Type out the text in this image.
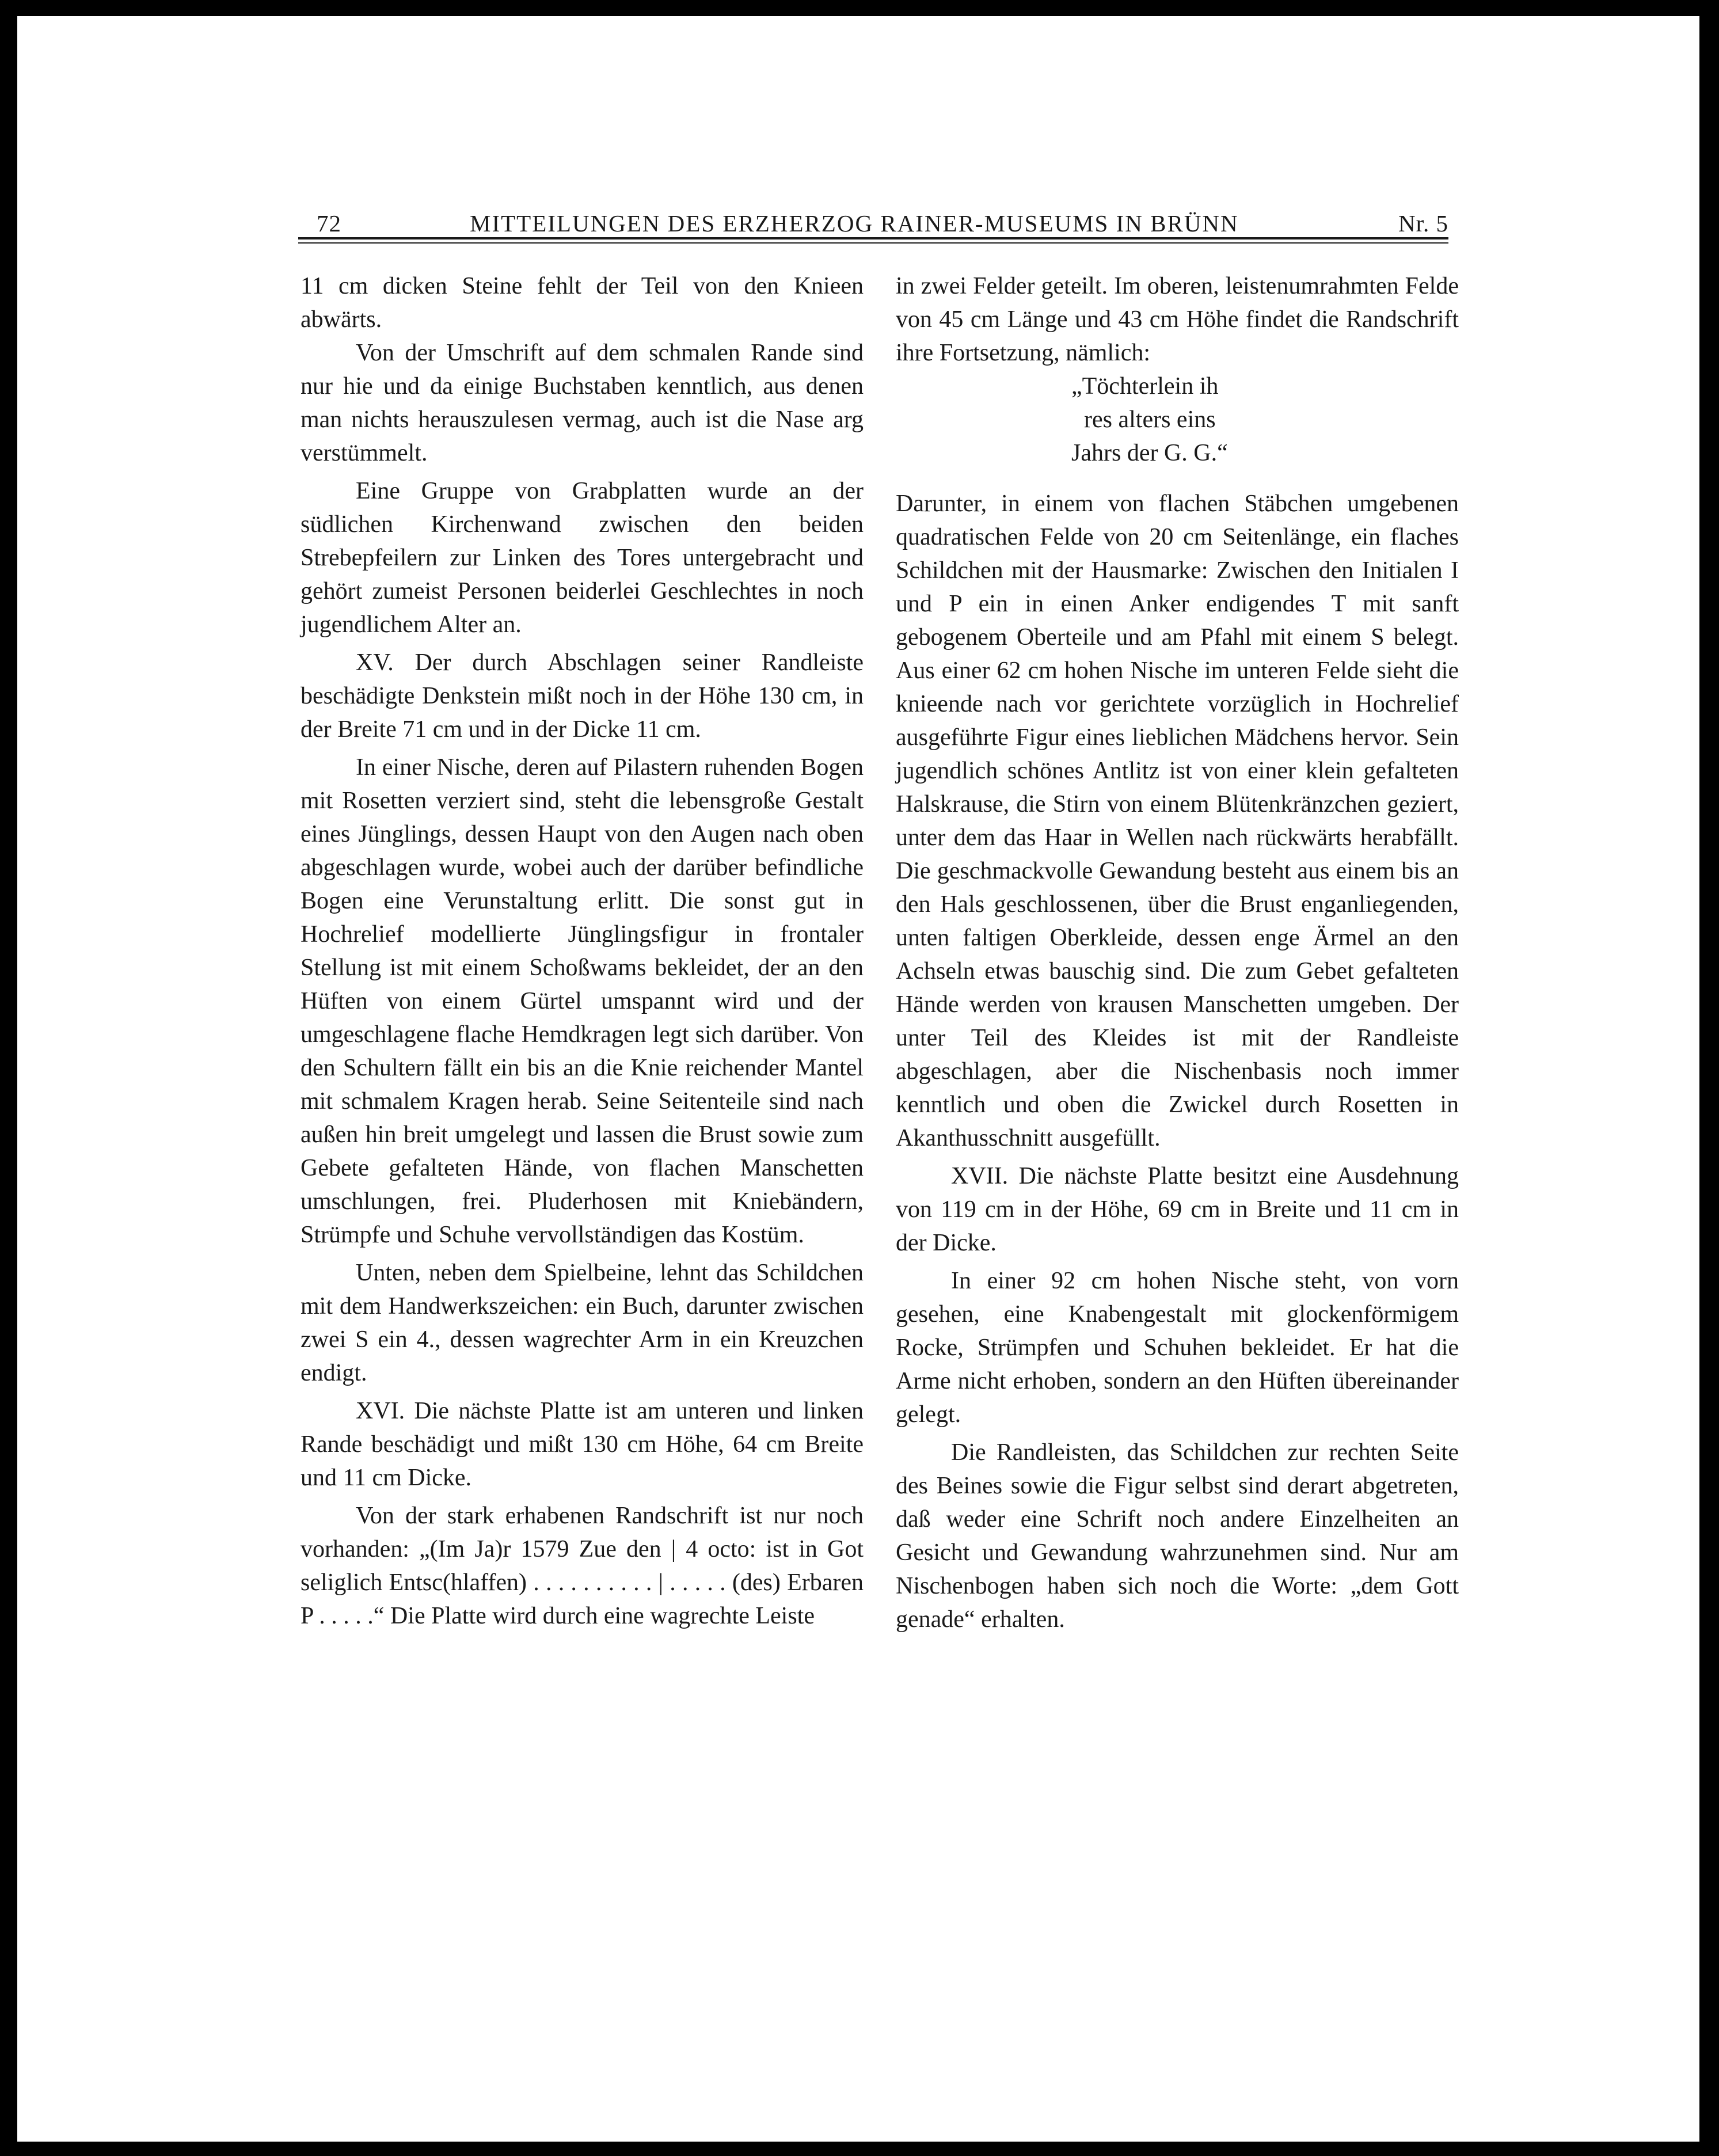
72	MITTEILUNGEN DES ERZHERZOG RAINER-MUSEUMS IN BRÜNN	Nr. 5

11 cm dicken Steine fehlt der Teil von den Knieen abwärts.

Von der Umschrift auf dem schmalen Rande sind nur hie und da einige Buchstaben kenntlich, aus denen man nichts herauszulesen vermag, auch ist die Nase arg verstümmelt.

Eine Gruppe von Grabplatten wurde an der südlichen Kirchenwand zwischen den beiden Strebepfeilern zur Linken des Tores untergebracht und gehört zumeist Personen beiderlei Geschlechtes in noch jugendlichem Alter an.

XV. Der durch Abschlagen seiner Randleiste beschädigte Denkstein mißt noch in der Höhe 130 cm, in der Breite 71 cm und in der Dicke 11 cm.

In einer Nische, deren auf Pilastern ruhenden Bogen mit Rosetten verziert sind, steht die lebensgroße Gestalt eines Jünglings, dessen Haupt von den Augen nach oben abgeschlagen wurde, wobei auch der darüber befindliche Bogen eine Verunstaltung erlitt. Die sonst gut in Hochrelief modellierte Jünglingsfigur in frontaler Stellung ist mit einem Schoßwams bekleidet, der an den Hüften von einem Gürtel umspannt wird und der umgeschlagene flache Hemdkragen legt sich darüber. Von den Schultern fällt ein bis an die Knie reichender Mantel mit schmalem Kragen herab. Seine Seitenteile sind nach außen hin breit umgelegt und lassen die Brust sowie zum Gebete gefalteten Hände, von flachen Manschetten umschlungen, frei. Pluderhosen mit Kniebändern, Strümpfe und Schuhe vervollständigen das Kostüm.

Unten, neben dem Spielbeine, lehnt das Schildchen mit dem Handwerkszeichen: ein Buch, darunter zwischen zwei S ein 4., dessen wagrechter Arm in ein Kreuzchen endigt.

XVI. Die nächste Platte ist am unteren und linken Rande beschädigt und mißt 130 cm Höhe, 64 cm Breite und 11 cm Dicke.

Von der stark erhabenen Randschrift ist nur noch vorhanden: „(Im Ja)r 1579 Zue den | 4 octo: ist in Got seliglich Entsc(hlaffen) . . . . . . . . . . | . . . . . (des) Erbaren P . . . . .“ Die Platte wird durch eine wagrechte Leiste

in zwei Felder geteilt. Im oberen, leistenumrahmten Felde von 45 cm Länge und 43 cm Höhe findet die Randschrift ihre Fortsetzung, nämlich:

„Töchterlein ih
res alters eins
Jahrs der G. G.“

Darunter, in einem von flachen Stäbchen umgebenen quadratischen Felde von 20 cm Seitenlänge, ein flaches Schildchen mit der Hausmarke: Zwischen den Initialen I und P ein in einen Anker endigendes T mit sanft gebogenem Oberteile und am Pfahl mit einem S belegt. Aus einer 62 cm hohen Nische im unteren Felde sieht die knieende nach vor gerichtete vorzüglich in Hochrelief ausgeführte Figur eines lieblichen Mädchens hervor. Sein jugendlich schönes Antlitz ist von einer klein gefalteten Halskrause, die Stirn von einem Blütenkränzchen geziert, unter dem das Haar in Wellen nach rückwärts herabfällt. Die geschmackvolle Gewandung besteht aus einem bis an den Hals geschlossenen, über die Brust enganliegenden, unten faltigen Oberkleide, dessen enge Ärmel an den Achseln etwas bauschig sind. Die zum Gebet gefalteten Hände werden von krausen Manschetten umgeben. Der unter Teil des Kleides ist mit der Randleiste abgeschlagen, aber die Nischenbasis noch immer kenntlich und oben die Zwickel durch Rosetten in Akanthusschnitt ausgefüllt.

XVII. Die nächste Platte besitzt eine Ausdehnung von 119 cm in der Höhe, 69 cm in Breite und 11 cm in der Dicke.

In einer 92 cm hohen Nische steht, von vorn gesehen, eine Knabengestalt mit glockenförmigem Rocke, Strümpfen und Schuhen bekleidet. Er hat die Arme nicht erhoben, sondern an den Hüften übereinander gelegt.

Die Randleisten, das Schildchen zur rechten Seite des Beines sowie die Figur selbst sind derart abgetreten, daß weder eine Schrift noch andere Einzelheiten an Gesicht und Gewandung wahrzunehmen sind. Nur am Nischenbogen haben sich noch die Worte: „dem Gott genade“ erhalten.
